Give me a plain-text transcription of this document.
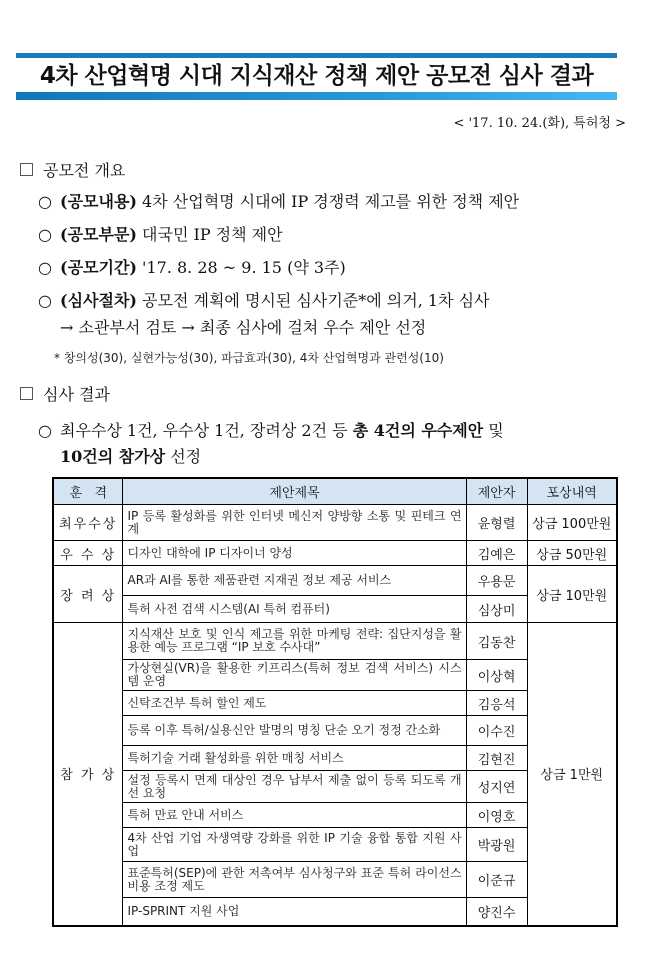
4차 산업혁명 시대 지식재산 정책 제안 공모전 심사 결과
< '17. 10. 24.(화), 특허청 >
공모전 개요
○ (공모내용) 4차 산업혁명 시대에 IP 경쟁력 제고를 위한 정책 제안
○ (공모부문) 대국민 IP 정책 제안
○ (공모기간) '17. 8. 28 ~ 9. 15 (약 3주)
○ (심사절차) 공모전 계획에 명시된 심사기준*에 의거, 1차 심사
→ 소관부서 검토 → 최종 심사에 걸쳐 우수 제안 선정
* 창의성(30), 실현가능성(30), 파급효과(30), 4차 산업혁명과 관련성(10)
심사 결과
○ 최우수상 1건, 우수상 1건, 장려상 2건 등 총 4건의 우수제안 및
10건의 참가상 선정
훈   격	제안제목	제안자	포상내역
최우수상	IP 등록 활성화를 위한 인터넷 메신저 양방향 소통 및 핀테크 연계	윤형렬	상금 100만원
우 수 상	디자인 대학에 IP 디자이너 양성	김예은	상금 50만원
장 려 상	AR과 AI를 통한 제품관련 지재권 정보 제공 서비스	우용문	상금 10만원
	특허 사전 검색 시스템(AI 특허 컴퓨터)	심상미	
참 가 상	지식재산 보호 및 인식 제고를 위한 마케팅 전략: 집단지성을 활용한 예능 프로그램 “IP 보호 수사대”	김동찬	상금 1만원
	가상현실(VR)을 활용한 키프리스(특허 정보 검색 서비스) 시스템 운영	이상혁	
	신탁조건부 특허 할인 제도	김응석	
	등록 이후 특허/실용신안 발명의 명칭 단순 오기 정정 간소화	이수진	
	특허기술 거래 활성화를 위한 매칭 서비스	김현진	
	설정 등록시 면제 대상인 경우 납부서 제출 없이 등록 되도록 개선 요청	성지연	
	특허 만료 안내 서비스	이영호	
	4차 산업 기업 자생역량 강화를 위한 IP 기술 융합 통합 지원 사업	박광원	
	표준특허(SEP)에 관한 저촉여부 심사청구와 표준 특허 라이선스 비용 조정 제도	이준규	
	IP-SPRINT 지원 사업	양진수	
